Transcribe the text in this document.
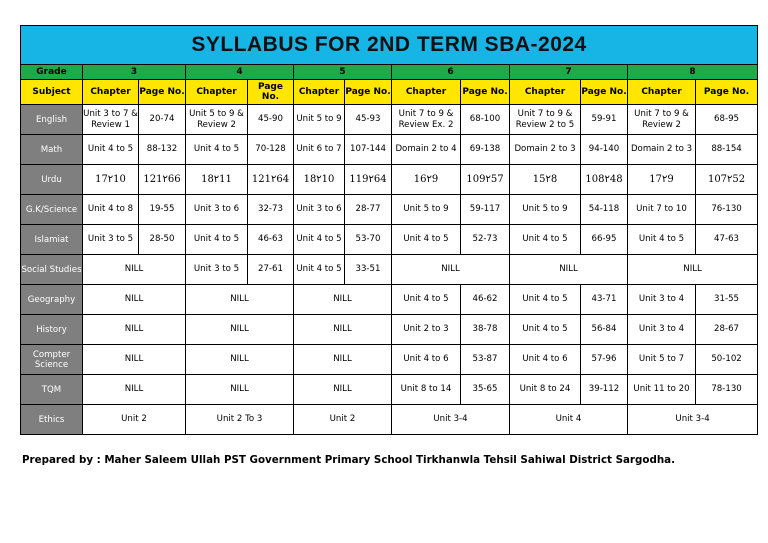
SYLLABUS FOR 2ND TERM SBA-2024												
Grade	3		4		5		6		7		8	
Subject	Chapter	Page No.	Chapter	Page No.	Chapter	Page No.	Chapter	Page No.	Chapter	Page No.	Chapter	Page No.
English	Unit 3 to 7 & Review 1	20-74	Unit 5 to 9 & Review 2	45-90	Unit 5 to 9	45-93	Unit 7 to 9 & Review Ex. 2	68-100	Unit 7 to 9 & Review 2 to 5	59-91	Unit 7 to 9 & Review 2	68-95
Math	Unit 4 to 5	88-132	Unit 4 to 5	70-128	Unit 6 to 7	107-144	Domain 2 to 4	69-138	Domain 2 to 3	94-140	Domain 2 to 3	88-154
Urdu	17۲10	121۲66	18۲11	121۲64	18۲10	119۲64	16۲9	109۲57	15۲8	108۲48	17۲9	107۲52
G.K/Science	Unit 4 to 8	19-55	Unit 3 to 6	32-73	Unit 3 to 6	28-77	Unit 5 to 9	59-117	Unit 5 to 9	54-118	Unit 7 to 10	76-130
Islamiat	Unit 3 to 5	28-50	Unit 4 to 5	46-63	Unit 4 to 5	53-70	Unit 4 to 5	52-73	Unit 4 to 5	66-95	Unit 4 to 5	47-63
Social Studies	NILL		Unit 3 to 5	27-61	Unit 4 to 5	33-51	NILL		NILL		NILL	
Geography	NILL		NILL		NILL		Unit 4 to 5	46-62	Unit 4 to 5	43-71	Unit 3 to 4	31-55
History	NILL		NILL		NILL		Unit 2 to 3	38-78	Unit 4 to 5	56-84	Unit 3 to 4	28-67
Compter Science	NILL		NILL		NILL		Unit 4 to 6	53-87	Unit 4 to 6	57-96	Unit 5 to 7	50-102
TQM	NILL		NILL		NILL		Unit 8 to 14	35-65	Unit 8 to 24	39-112	Unit 11 to 20	78-130
Ethics	Unit 2		Unit 2 To 3		Unit 2		Unit 3-4		Unit 4		Unit 3-4	
Prepared by : Maher Saleem Ullah PST Government Primary School Tirkhanwla Tehsil Sahiwal District Sargodha.
